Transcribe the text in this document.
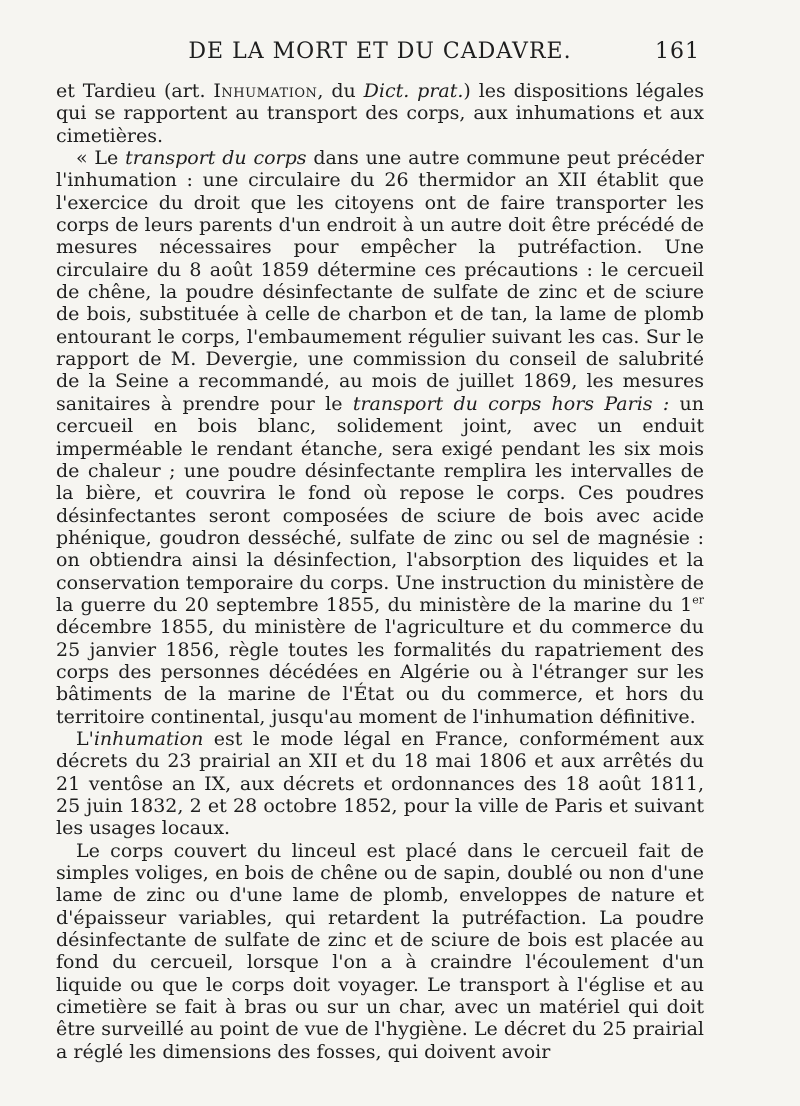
DE LA MORT ET DU CADAVRE.	161

et Tardieu (art. Inhumation, du Dict. prat.) les dispositions légales qui se rapportent au transport des corps, aux inhumations et aux cimetières.

« Le transport du corps dans une autre commune peut précéder l'inhumation : une circulaire du 26 thermidor an XII établit que l'exercice du droit que les citoyens ont de faire transporter les corps de leurs parents d'un endroit à un autre doit être précédé de mesures nécessaires pour empêcher la putréfaction. Une circulaire du 8 août 1859 détermine ces précautions : le cercueil de chêne, la poudre désinfectante de sulfate de zinc et de sciure de bois, substituée à celle de charbon et de tan, la lame de plomb entourant le corps, l'embaumement régulier suivant les cas. Sur le rapport de M. Devergie, une commission du conseil de salubrité de la Seine a recommandé, au mois de juillet 1869, les mesures sanitaires à prendre pour le transport du corps hors Paris : un cercueil en bois blanc, solidement joint, avec un enduit imperméable le rendant étanche, sera exigé pendant les six mois de chaleur ; une poudre désinfectante remplira les intervalles de la bière, et couvrira le fond où repose le corps. Ces poudres désinfectantes seront composées de sciure de bois avec acide phénique, goudron desséché, sulfate de zinc ou sel de magnésie : on obtiendra ainsi la désinfection, l'absorption des liquides et la conservation temporaire du corps. Une instruction du ministère de la guerre du 20 septembre 1855, du ministère de la marine du 1er décembre 1855, du ministère de l'agriculture et du commerce du 25 janvier 1856, règle toutes les formalités du rapatriement des corps des personnes décédées en Algérie ou à l'étranger sur les bâtiments de la marine de l'État ou du commerce, et hors du territoire continental, jusqu'au moment de l'inhumation définitive.

L'inhumation est le mode légal en France, conformément aux décrets du 23 prairial an XII et du 18 mai 1806 et aux arrêtés du 21 ventôse an IX, aux décrets et ordonnances des 18 août 1811, 25 juin 1832, 2 et 28 octobre 1852, pour la ville de Paris et suivant les usages locaux.

Le corps couvert du linceul est placé dans le cercueil fait de simples voliges, en bois de chêne ou de sapin, doublé ou non d'une lame de zinc ou d'une lame de plomb, enveloppes de nature et d'épaisseur variables, qui retardent la putréfaction. La poudre désinfectante de sulfate de zinc et de sciure de bois est placée au fond du cercueil, lorsque l'on a à craindre l'écoulement d'un liquide ou que le corps doit voyager. Le transport à l'église et au cimetière se fait à bras ou sur un char, avec un matériel qui doit être surveillé au point de vue de l'hygiène. Le décret du 25 prairial a réglé les dimensions des fosses, qui doivent avoir
